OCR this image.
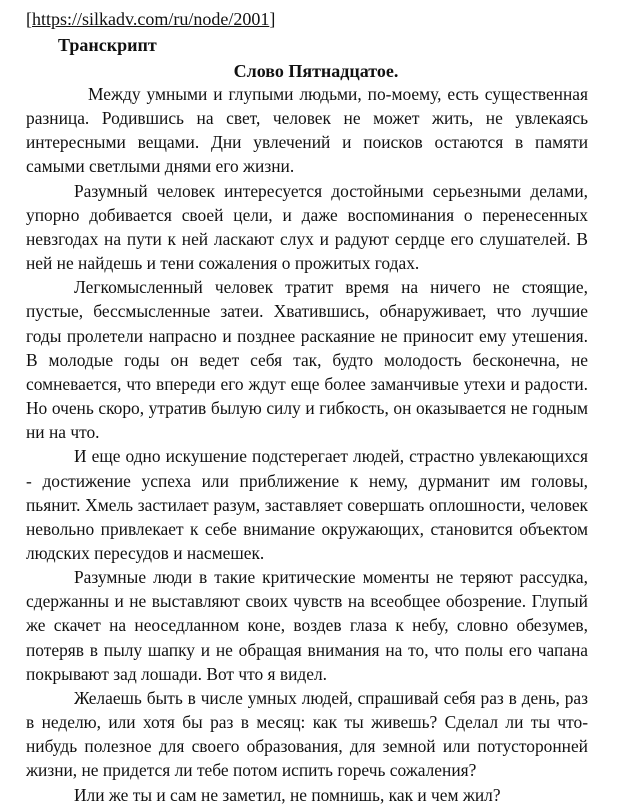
[https://silkadv.com/ru/node/2001]
Транскрипт
Слово Пятнадцатое.

Между умными и глупыми людьми, по-моему, есть существенная разница. Родившись на свет, человек не может жить, не увлекаясь интересными вещами. Дни увлечений и поисков остаются в памяти самыми светлыми днями его жизни.

Разумный человек интересуется достойными серьезными делами, упорно добивается своей цели, и даже воспоминания о перенесенных невзгодах на пути к ней ласкают слух и радуют сердце его слушателей. В ней не найдешь и тени сожаления о прожитых годах.

Легкомысленный человек тратит время на ничего не стоящие, пустые, бессмысленные затеи. Хватившись, обнаруживает, что лучшие годы пролетели напрасно и позднее раскаяние не приносит ему утешения. В молодые годы он ведет себя так, будто молодость бесконечна, не сомневается, что впереди его ждут еще более заманчивые утехи и радости. Но очень скоро, утратив былую силу и гибкость, он оказывается не годным ни на что.

И еще одно искушение подстерегает людей, страстно увлекающихся - достижение успеха или приближение к нему, дурманит им головы, пьянит. Хмель застилает разум, заставляет совершать оплошности, человек невольно привлекает к себе внимание окружающих, становится объектом людских пересудов и насмешек.

Разумные люди в такие критические моменты не теряют рассудка, сдержанны и не выставляют своих чувств на всеобщее обозрение. Глупый же скачет на неоседланном коне, воздев глаза к небу, словно обезумев, потеряв в пылу шапку и не обращая внимания на то, что полы его чапана покрывают зад лошади. Вот что я видел.

Желаешь быть в числе умных людей, спрашивай себя раз в день, раз в неделю, или хотя бы раз в месяц: как ты живешь? Сделал ли ты что-нибудь полезное для своего образования, для земной или потусторонней жизни, не придется ли тебе потом испить горечь сожаления?

Или же ты и сам не заметил, не помнишь, как и чем жил?
